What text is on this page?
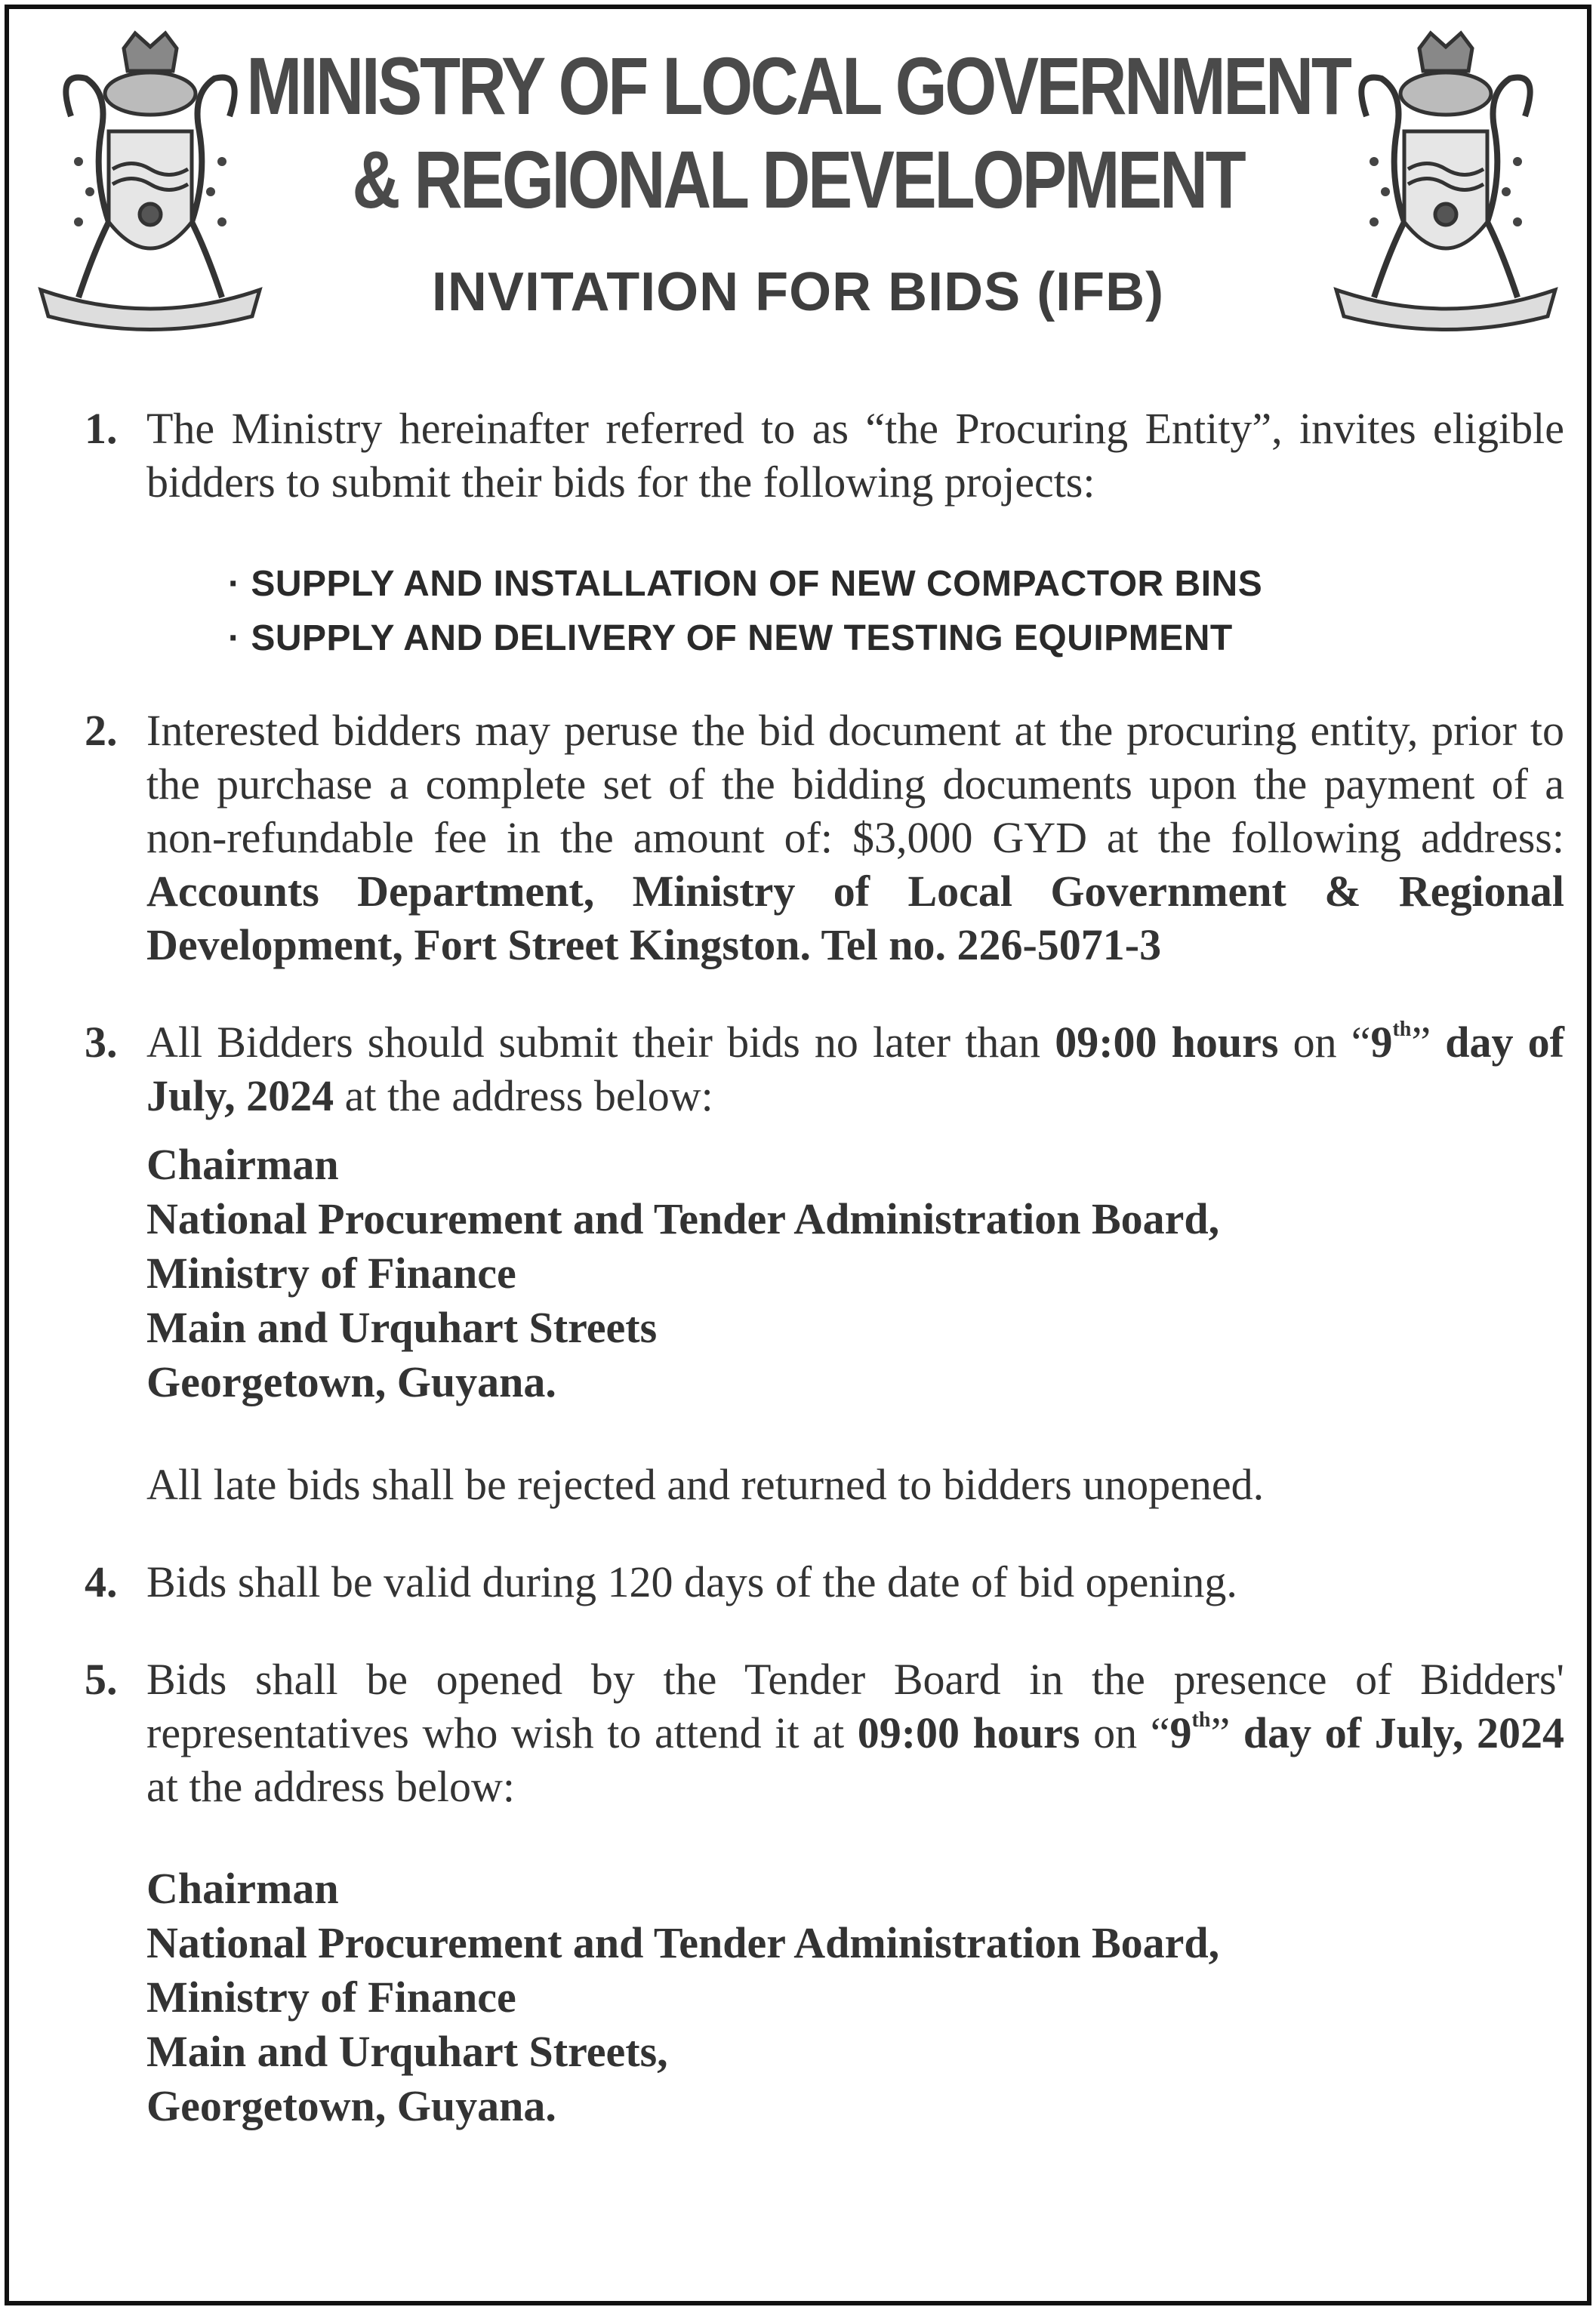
MINISTRY OF LOCAL GOVERNMENT
& REGIONAL DEVELOPMENT
INVITATION FOR BIDS (IFB)
1. The Ministry hereinafter referred to as “the Procuring Entity”, invites eligible bidders to submit their bids for the following projects:
· SUPPLY AND INSTALLATION OF NEW COMPACTOR BINS
· SUPPLY AND DELIVERY OF NEW TESTING EQUIPMENT
2. Interested bidders may peruse the bid document at the procuring entity, prior to the purchase a complete set of the bidding documents upon the payment of a non-refundable fee in the amount of: $3,000 GYD at the following address: Accounts Department, Ministry of Local Government & Regional Development, Fort Street Kingston. Tel no. 226-5071-3
3. All Bidders should submit their bids no later than 09:00 hours on “9th” day of July, 2024 at the address below:
Chairman
National Procurement and Tender Administration Board,
Ministry of Finance
Main and Urquhart Streets
Georgetown, Guyana.
All late bids shall be rejected and returned to bidders unopened.
4. Bids shall be valid during 120 days of the date of bid opening.
5. Bids shall be opened by the Tender Board in the presence of Bidders' representatives who wish to attend it at 09:00 hours on “9th” day of July, 2024 at the address below:
Chairman
National Procurement and Tender Administration Board,
Ministry of Finance
Main and Urquhart Streets,
Georgetown, Guyana.
